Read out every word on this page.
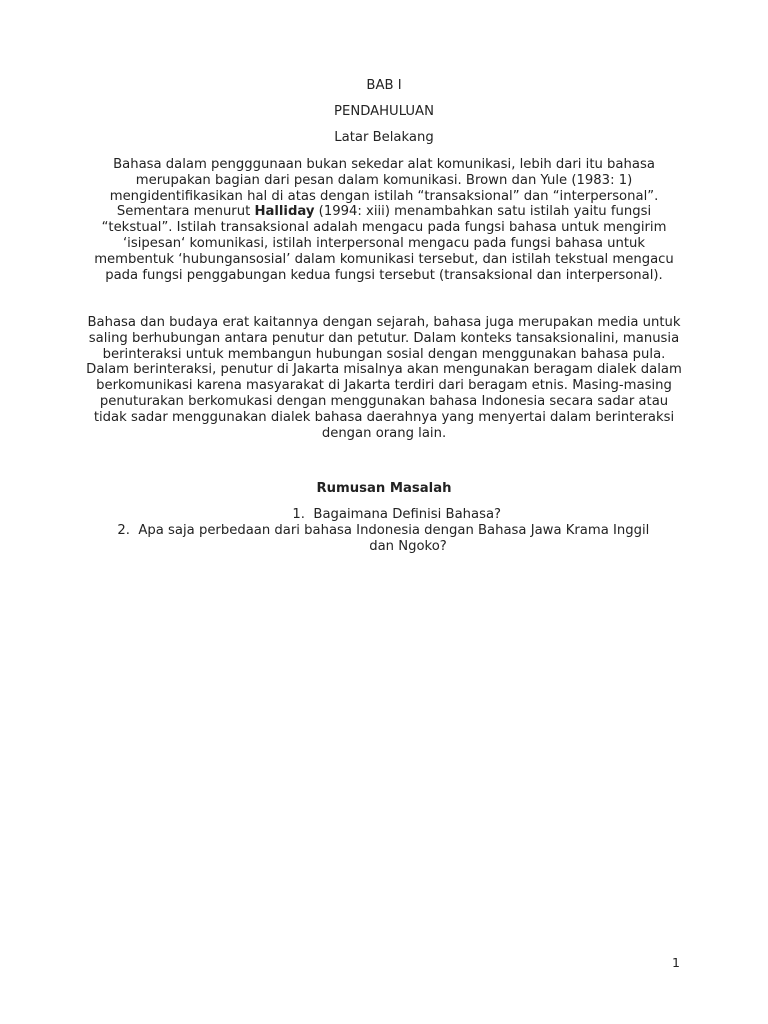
BAB I

PENDAHULUAN

Latar Belakang

Bahasa dalam pengggunaan bukan sekedar alat komunikasi, lebih dari itu bahasa merupakan bagian dari pesan dalam komunikasi. Brown dan Yule (1983: 1) mengidentifikasikan hal di atas dengan istilah “transaksional” dan “interpersonal”. Sementara menurut Halliday (1994: xiii) menambahkan satu istilah yaitu fungsi “tekstual”. Istilah transaksional adalah mengacu pada fungsi bahasa untuk mengirim ‘isipesan‘ komunikasi, istilah interpersonal mengacu pada fungsi bahasa untuk membentuk ‘hubungansosial’ dalam komunikasi tersebut, dan istilah tekstual mengacu pada fungsi penggabungan kedua fungsi tersebut (transaksional dan interpersonal).

Bahasa dan budaya erat kaitannya dengan sejarah, bahasa juga merupakan media untuk saling berhubungan antara penutur dan petutur. Dalam konteks tansaksionalini, manusia berinteraksi untuk membangun hubungan sosial dengan menggunakan bahasa pula. Dalam berinteraksi, penutur di Jakarta misalnya akan mengunakan beragam dialek dalam berkomunikasi karena masyarakat di Jakarta terdiri dari beragam etnis. Masing-masing penuturakan berkomukasi dengan menggunakan bahasa Indonesia secara sadar atau tidak sadar menggunakan dialek bahasa daerahnya yang menyertai dalam berinteraksi dengan orang lain.

Rumusan Masalah

1. Bagaimana Definisi Bahasa?
2. Apa saja perbedaan dari bahasa Indonesia dengan Bahasa Jawa Krama Inggil
dan Ngoko?
1
